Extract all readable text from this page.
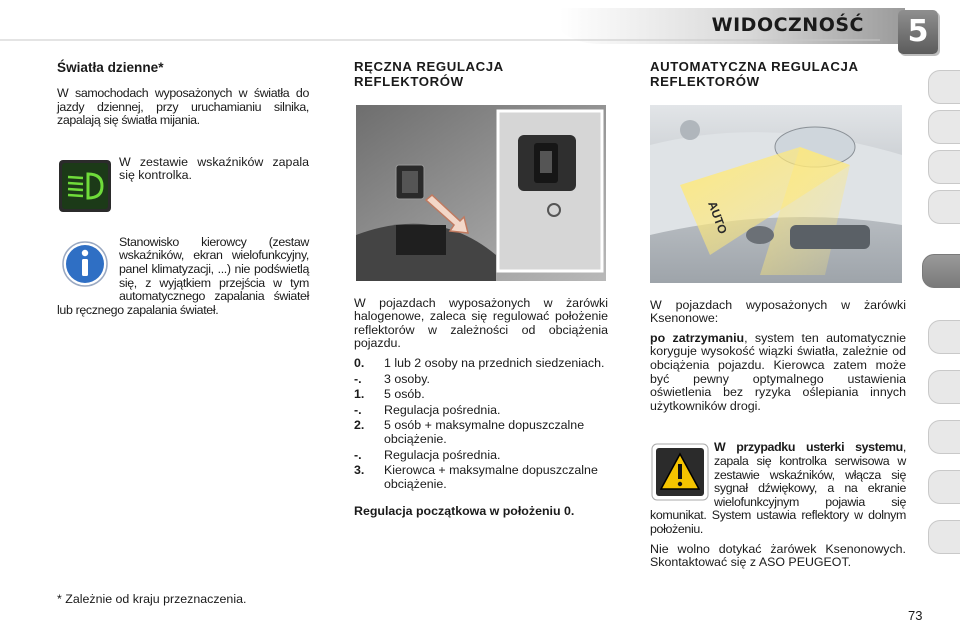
WIDOCZNOŚĆ	5
Światła dzienne*

W samochodach wyposażonych w światła do jazdy dziennej, przy uruchamianiu silnika, zapalają się światła mijania.

W zestawie wskaźników zapala się kontrolka.

Stanowisko kierowcy (zestaw wskaźników, ekran wielofunkcyjny, panel klimatyzacji, ...) nie podświetlą się, z wyjątkiem przejścia w tym automatycznego zapalania świateł lub ręcznego zapalania świateł.

* Zależnie od kraju przeznaczenia.
RĘCZNA REGULACJA REFLEKTORÓW

W pojazdach wyposażonych w żarówki halogenowe, zaleca się regulować położenie reflektorów w zależności od obciążenia pojazdu.

0.	1 lub 2 osoby na przednich siedzeniach.
-.	3 osoby.
1.	5 osób.
-.	Regulacja pośrednia.
2.	5 osób + maksymalne dopuszczalne obciążenie.
-.	Regulacja pośrednia.
3.	Kierowca + maksymalne dopuszczalne obciążenie.

Regulacja początkowa w położeniu 0.

AUTOMATYCZNA REGULACJA REFLEKTORÓW
AUTO

W pojazdach wyposażonych w żarówki Ksenonowe:

po zatrzymaniu, system ten automatycznie koryguje wysokość wiązki światła, zależnie od obciążenia pojazdu. Kierowca zatem może być pewny optymalnego ustawienia oświetlenia bez ryzyka oślepiania innych użytkowników drogi.

W przypadku usterki systemu, zapala się kontrolka serwisowa w zestawie wskaźników, włącza się sygnał dźwiękowy, a na ekranie wielofunkcyjnym pojawia się komunikat. System ustawia reflektory w dolnym położeniu.

Nie wolno dotykać żarówek Ksenonowych. Skontaktować się z ASO PEUGEOT.

73
